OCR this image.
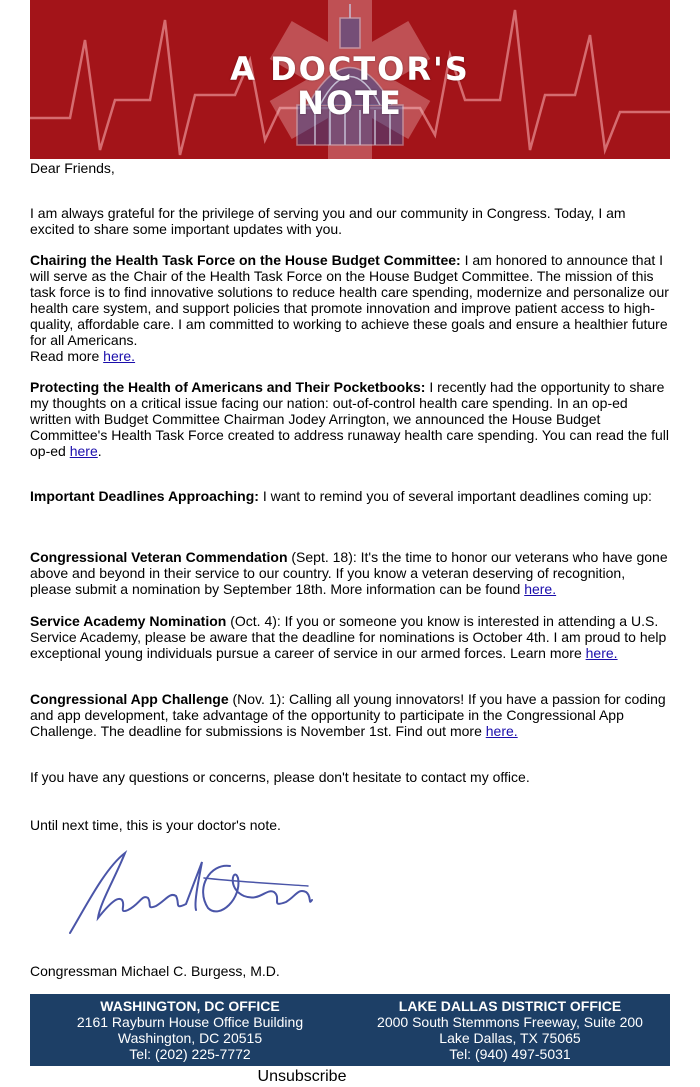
A DOCTOR'S
NOTE
Dear Friends,
I am always grateful for the privilege of serving you and our community in Congress. Today, I am excited to share some important updates with you.

Chairing the Health Task Force on the House Budget Committee: I am honored to announce that I will serve as the Chair of the Health Task Force on the House Budget Committee. The mission of this task force is to find innovative solutions to reduce health care spending, modernize and personalize our health care system, and support policies that promote innovation and improve patient access to high-quality, affordable care. I am committed to working to achieve these goals and ensure a healthier future for all Americans.

Read more here.

Protecting the Health of Americans and Their Pocketbooks: I recently had the opportunity to share my thoughts on a critical issue facing our nation: out-of-control health care spending. In an op-ed written with Budget Committee Chairman Jodey Arrington, we announced the House Budget Committee's Health Task Force created to address runaway health care spending. You can read the full op-ed here.

Important Deadlines Approaching: I want to remind you of several important deadlines coming up:

Congressional Veteran Commendation (Sept. 18): It's the time to honor our veterans who have gone above and beyond in their service to our country. If you know a veteran deserving of recognition, please submit a nomination by September 18th. More information can be found here.

Service Academy Nomination (Oct. 4): If you or someone you know is interested in attending a U.S. Service Academy, please be aware that the deadline for nominations is October 4th. I am proud to help exceptional young individuals pursue a career of service in our armed forces. Learn more here.

Congressional App Challenge (Nov. 1): Calling all young innovators! If you have a passion for coding and app development, take advantage of the opportunity to participate in the Congressional App Challenge. The deadline for submissions is November 1st. Find out more here.

If you have any questions or concerns, please don't hesitate to contact my office.
Until next time, this is your doctor's note.
Congressman Michael C. Burgess, M.D.
WASHINGTON, DC OFFICE
2161 Rayburn House Office Building
Washington, DC 20515
Tel: (202) 225-7772
LAKE DALLAS DISTRICT OFFICE
2000 South Stemmons Freeway, Suite 200
Lake Dallas, TX 75065
Tel: (940) 497-5031
Unsubscribe
